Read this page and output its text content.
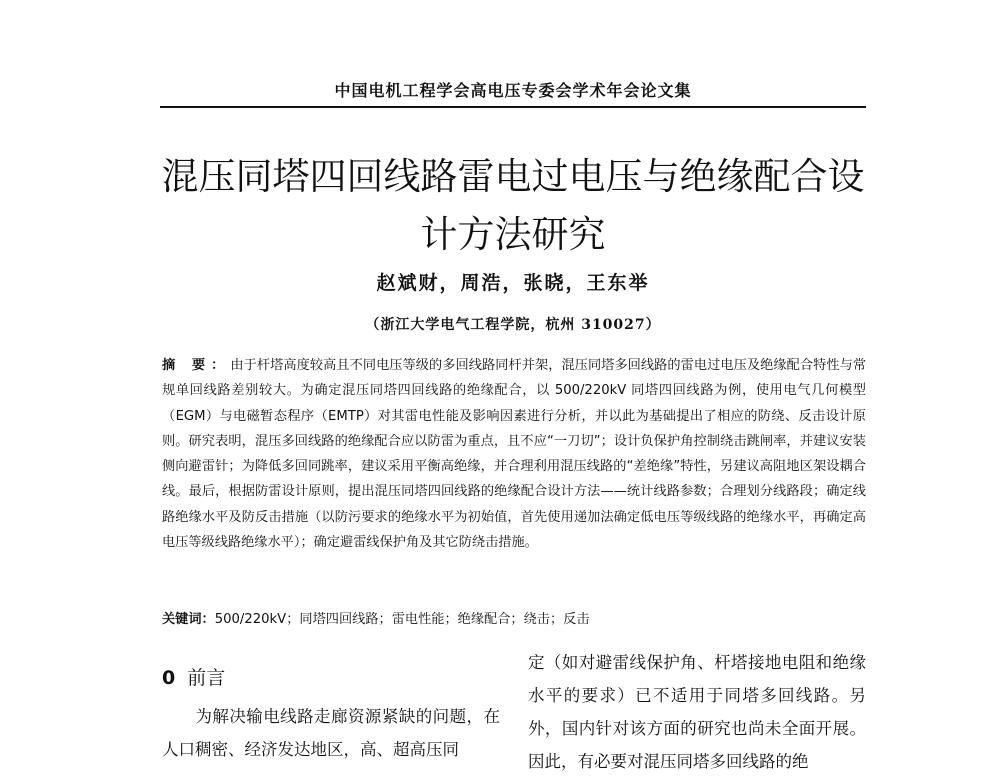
中国电机工程学会高电压专委会学术年会论文集
混压同塔四回线路雷电过电压与绝缘配合设计方法研究
赵斌财，周浩，张晓，王东举
（浙江大学电气工程学院，杭州 310027）
摘 要：由于杆塔高度较高且不同电压等级的多回线路同杆并架，混压同塔多回线路的雷电过电压及绝缘配合特性与常规单回线路差别较大。为确定混压同塔四回线路的绝缘配合，以 500/220kV 同塔四回线路为例，使用电气几何模型（EGM）与电磁暂态程序（EMTP）对其雷电性能及影响因素进行分析，并以此为基础提出了相应的防绕、反击设计原则。研究表明，混压多回线路的绝缘配合应以防雷为重点，且不应“一刀切”；设计负保护角控制绕击跳闸率，并建议安装侧向避雷针；为降低多回同跳率，建议采用平衡高绝缘，并合理利用混压线路的“差绝缘”特性，另建议高阻地区架设耦合线。最后，根据防雷设计原则，提出混压同塔四回线路的绝缘配合设计方法——统计线路参数；合理划分线路段；确定线路绝缘水平及防反击措施（以防污要求的绝缘水平为初始值，首先使用递加法确定低电压等级线路的绝缘水平，再确定高电压等级线路绝缘水平）；确定避雷线保护角及其它防绕击措施。
关键词：500/220kV；同塔四回线路；雷电性能；绝缘配合；绕击；反击
0 前言
为解决输电线路走廊资源紧缺的问题，在人口稠密、经济发达地区，高、超高压同
定（如对避雷线保护角、杆塔接地电阻和绝缘水平的要求）已不适用于同塔多回线路。另外，国内针对该方面的研究也尚未全面开展。因此，有必要对混压同塔多回线路的绝
